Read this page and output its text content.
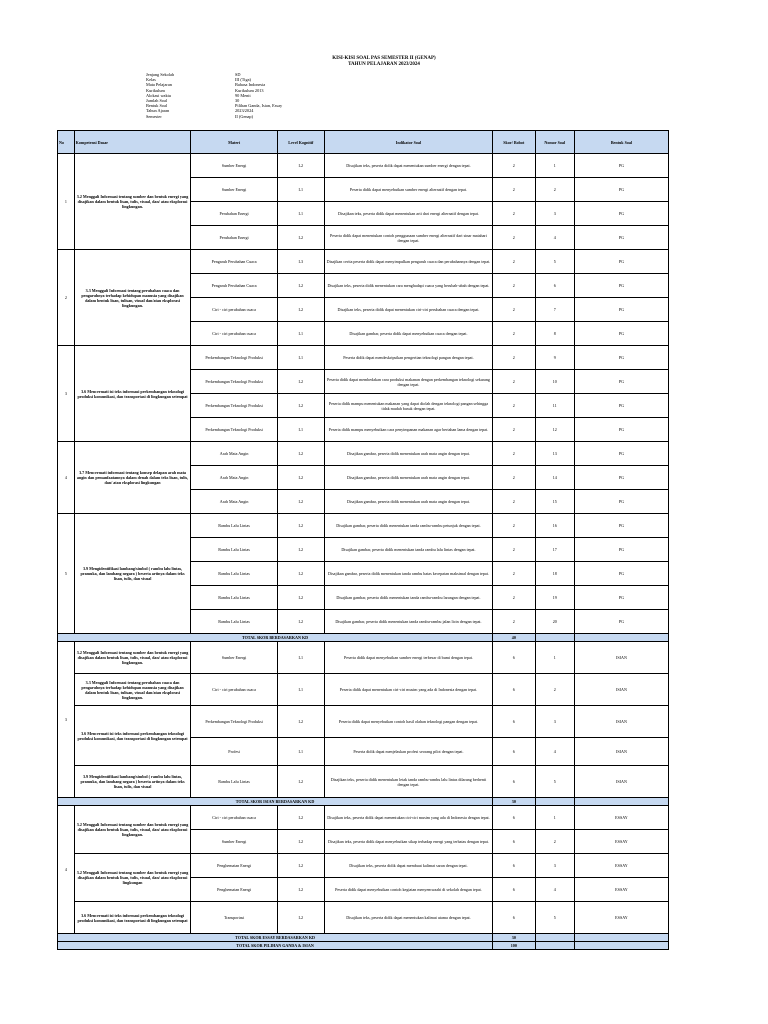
KISI-KISI SOAL PAS SEMESTER II (GENAP)
TAHUN PELAJARAN 2023/2024
Jenjang Sekolah	SD
Kelas	III (Tiga)
Mata Pelajaran	Bahasa Indonesia
Kurikulum	Kurikulum 2013
Alokasi waktu	90 Menit
Jumlah Soal	30
Bentuk Soal	Pilihan Ganda, Isian, Essay
Tahun Ajaran	2023/2024
Semester	II (Genap)
No	Kompetensi Dasar	Materi	Level Kognitif	Indikator Soal	Skor/ Bobot	Nomor Soal	Bentuk Soal
1	3.2 Menggali Informasi tentang sumber dan bentuk energi yang disajikan dalam bentuk lisan, tulis, visual, dan/ atau eksplorasi lingkungan.	Sumber Energi	L2	Disajikan teks, peserta didik dapat menentukan sumber energi dengan tepat.	2	1	PG
		Sumber Energi	L1	Peserta didik dapat menyebutkan sumber energi alternatif dengan tepat.	2	2	PG
		Perubahan Energi	L1	Disajikan teks, peserta didik dapat menentukan arti dari energi alternatif dengan tepat.	2	3	PG
		Perubahan Energi	L2	Peserta didik dapat menentukan contoh penggunaan sumber energi alternatif dari sinar matahari dengan tepat.	2	4	PG
2	3.3 Menggali Informasi tentang perubahan cuaca dan pengaruhnya terhadap kehidupan manusia yang disajikan dalam bentuk lisan, tulisan, visual dan/atau eksplorasi lingkungan.	Pengaruh Perubahan Cuaca	L3	Disajikan cerita peserta didik dapat menyimpulkan pengaruh cuaca dan perubahannya dengan tepat.	2	5	PG
		Pengaruh Perubahan Cuaca	L2	Disajikan teks, peserta didik menentukan cara menghadapi cuaca yang berubah-ubah dengan tepat.	2	6	PG
		Ciri - ciri perubahan cuaca	L2	Disajikan teks, peserta didik dapat menentukan ciri-ciri perubahan cuaca dengan tepat.	2	7	PG
		Ciri - ciri perubahan cuaca	L1	Disajikan gambar, peserta didik dapat menyebutkan cuaca dengan tepat.	2	8	PG
3	3.6 Mencermati isi teks informasi perkembangan teknologi produksi komunikasi, dan transportasi di lingkungan setempat	Perkembangan Teknologi Produksi	L1	Peserta didik dapat mendeskripsikan pengertian teknologi pangan dengan tepat.	2	9	PG
		Perkembangan Teknologi Produksi	L2	Peserta didik dapat membedakan cara produksi makanan dengan perkembangan teknologi sekarang dengan tepat.	2	10	PG
		Perkembangan Teknologi Produksi	L2	Peserta didik mampu menentukan makanan yang dapat diolah dengan teknologi pangan sehingga tidak mudah busuk dengan tepat.	2	11	PG
		Perkembangan Teknologi Produksi	L1	Peserta didik mampu menyebutkan cara penyimpanan makanan agar bertahan lama dengan tepat.	2	12	PG
4	3.7 Mencermati informasi tentang konsep delapan arah mata angin dan pemanfaatannya dalam denah dalam teks lisan, tulis, dan/ atau eksplorasi lingkungan	Arah Mata Angin	L2	Disajikan gambar, peserta didik menentukan arah mata angin dengan tepat.	2	13	PG
		Arah Mata Angin	L2	Disajikan gambar, peserta didik menentukan arah mata angin dengan tepat.	2	14	PG
		Arah Mata Angin	L2	Disajikan gambar, peserta didik menentukan arah mata angin dengan tepat.	2	15	PG
5	3.9 Mengidentifikasi lambang/simbol ( rambu lalu lintas, pramuka, dan lambang negara ) beserta artinya dalam teks lisan, tulis, dan visual	Rambu Lalu Lintas	L2	Disajikan gambar, peserta didik menentukan tanda rambu-rambu petunjuk dengan tepat.	2	16	PG
		Rambu Lalu Lintas	L2	Disajikan gambar, peserta didik menentukan tanda rambu lalu lintas dengan tepat.	2	17	PG
		Rambu Lalu Lintas	L2	Disajikan gambar, peserta didik menentukan tanda rambu batas kecepatan maksimal dengan tepat.	2	18	PG
		Rambu Lalu Lintas	L2	Disajikan gambar, peserta didik menentukan tanda rambu-rambu larangan dengan tepat.	2	19	PG
		Rambu Lalu Lintas	L2	Disajikan gambar, peserta didik menentukan tanda rambu-rambu jalan licin dengan tepat.	2	20	PG
TOTAL SKOR BERDASARKAN KD					40		
3	3.2 Menggali Informasi tentang sumber dan bentuk energi yang disajikan dalam bentuk lisan, tulis, visual, dan/ atau eksplorasi lingkungan.	Sumber Energi	L1	Peserta didik dapat menyebutkan sumber energi terbesar di bumi dengan tepat.	6	1	ISIAN
	3.3 Menggali Informasi tentang perubahan cuaca dan pengaruhnya terhadap kehidupan manusia yang disajikan dalam bentuk lisan, tulisan, visual dan/atau eksplorasi lingkungan.	Ciri - ciri perubahan cuaca	L1	Peserta didik dapat menentukan ciri-ciri musim yang ada di Indonesia dengan tepat.	6	2	ISIAN
	3.6 Mencermati isi teks informasi perkembangan teknologi produksi komunikasi, dan transportasi di lingkungan setempat	Perkembangan Teknologi Produksi	L2	Peserta didik dapat menyebutkan contoh hasil olahan teknologi pangan dengan tepat.	6	3	ISIAN
		Profesi	L1	Peserta didik dapat menjelaskan profesi seorang pilot dengan tepat.	6	4	ISIAN
	3.9 Mengidentifikasi lambang/simbol ( rambu lalu lintas, pramuka, dan lambang negara ) beserta artinya dalam teks lisan, tulis, dan visual	Rambu Lalu Lintas	L2	Disajikan teks, peserta didik menentukan letak tanda rambu-rambu lalu lintas dilarang berhenti dengan tepat.	6	5	ISIAN
TOTAL SKOR ISIAN BERDASARKAN KD					30		
4	3.2 Menggali Informasi tentang sumber dan bentuk energi yang disajikan dalam bentuk lisan, tulis, visual, dan/ atau eksplorasi lingkungan.	Ciri - ciri perubahan cuaca	L2	Disajikan teks, peserta didik dapat menentukan ciri-ciri musim yang ada di Indonesia dengan tepat.	6	1	ESSAY
		Sumber Energi	L2	Disajikan teks, peserta didik dapat menyebutkan sikap terhadap energi yang terbatas dengan tepat.	6	2	ESSAY
	3.2 Menggali Informasi tentang sumber dan bentuk energi yang disajikan dalam bentuk lisan, tulis, visual, dan/ atau eksplorasi lingkungan	Penghematan Energi	L2	Disajikan teks, peserta didik dapat membuat kalimat saran dengan tepat.	6	3	ESSAY
		Penghematan Energi	L2	Peserta didik dapat menyebutkan contoh kegiatan menyemwaahi di sekolah dengan tepat.	6	4	ESSAY
	3.6 Mencermati isi teks informasi perkembangan teknologi produksi komunikasi, dan transportasi di lingkungan setempat	Transportasi	L2	Disajikan teks, peserta didik dapat menentukan kalimat utama dengan tepat.	6	5	ESSAY
TOTAL SKOR ESSAY BERDASARKAN KD					30		
TOTAL SKOR PILIHAN GANDA & ISIAN					100		
